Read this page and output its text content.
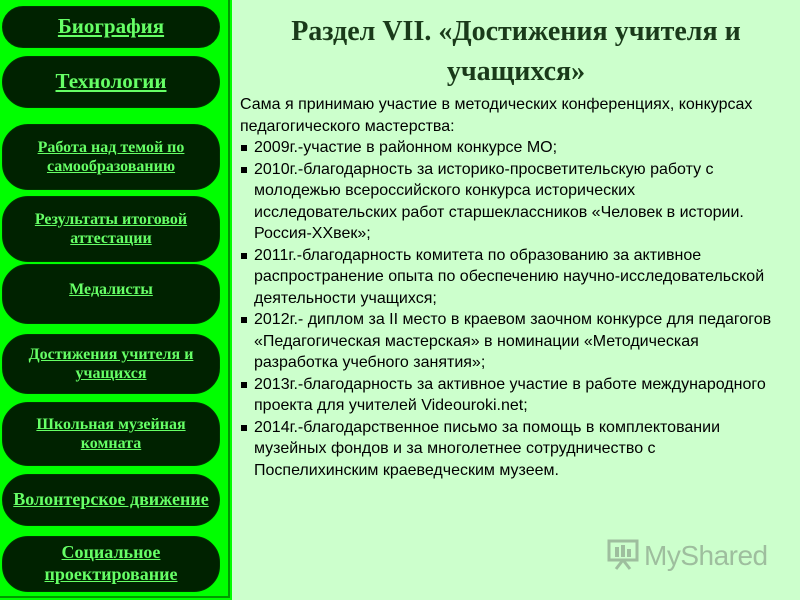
Биография
Технологии
Работа над темой по самообразованию
Результаты итоговой аттестации
Медалисты
Достижения учителя и учащихся
Школьная музейная комната
Волонтерское движение
Социальное проектирование
Раздел VII. «Достижения учителя и учащихся»
Сама я принимаю участие в методических конференциях, конкурсах педагогического мастерства:
2009г.-участие в районном конкурсе МО;
2010г.-благодарность за историко-просветительскую работу с молодежью всероссийского конкурса исторических исследовательских работ старшеклассников «Человек в истории. Россия-XXвек»;
2011г.-благодарность комитета по образованию за активное распространение опыта по обеспечению научно-исследовательской деятельности учащихся;
2012г.- диплом за II место в краевом заочном конкурсе для педагогов «Педагогическая мастерская» в номинации «Методическая разработка учебного занятия»;
2013г.-благодарность за активное участие в работе международного проекта для учителей Videouroki.net;
2014г.-благодарственное письмо за помощь в комплектовании музейных фондов и за многолетнее сотрудничество с Поспелихинским краеведческим музеем.
MyShared
